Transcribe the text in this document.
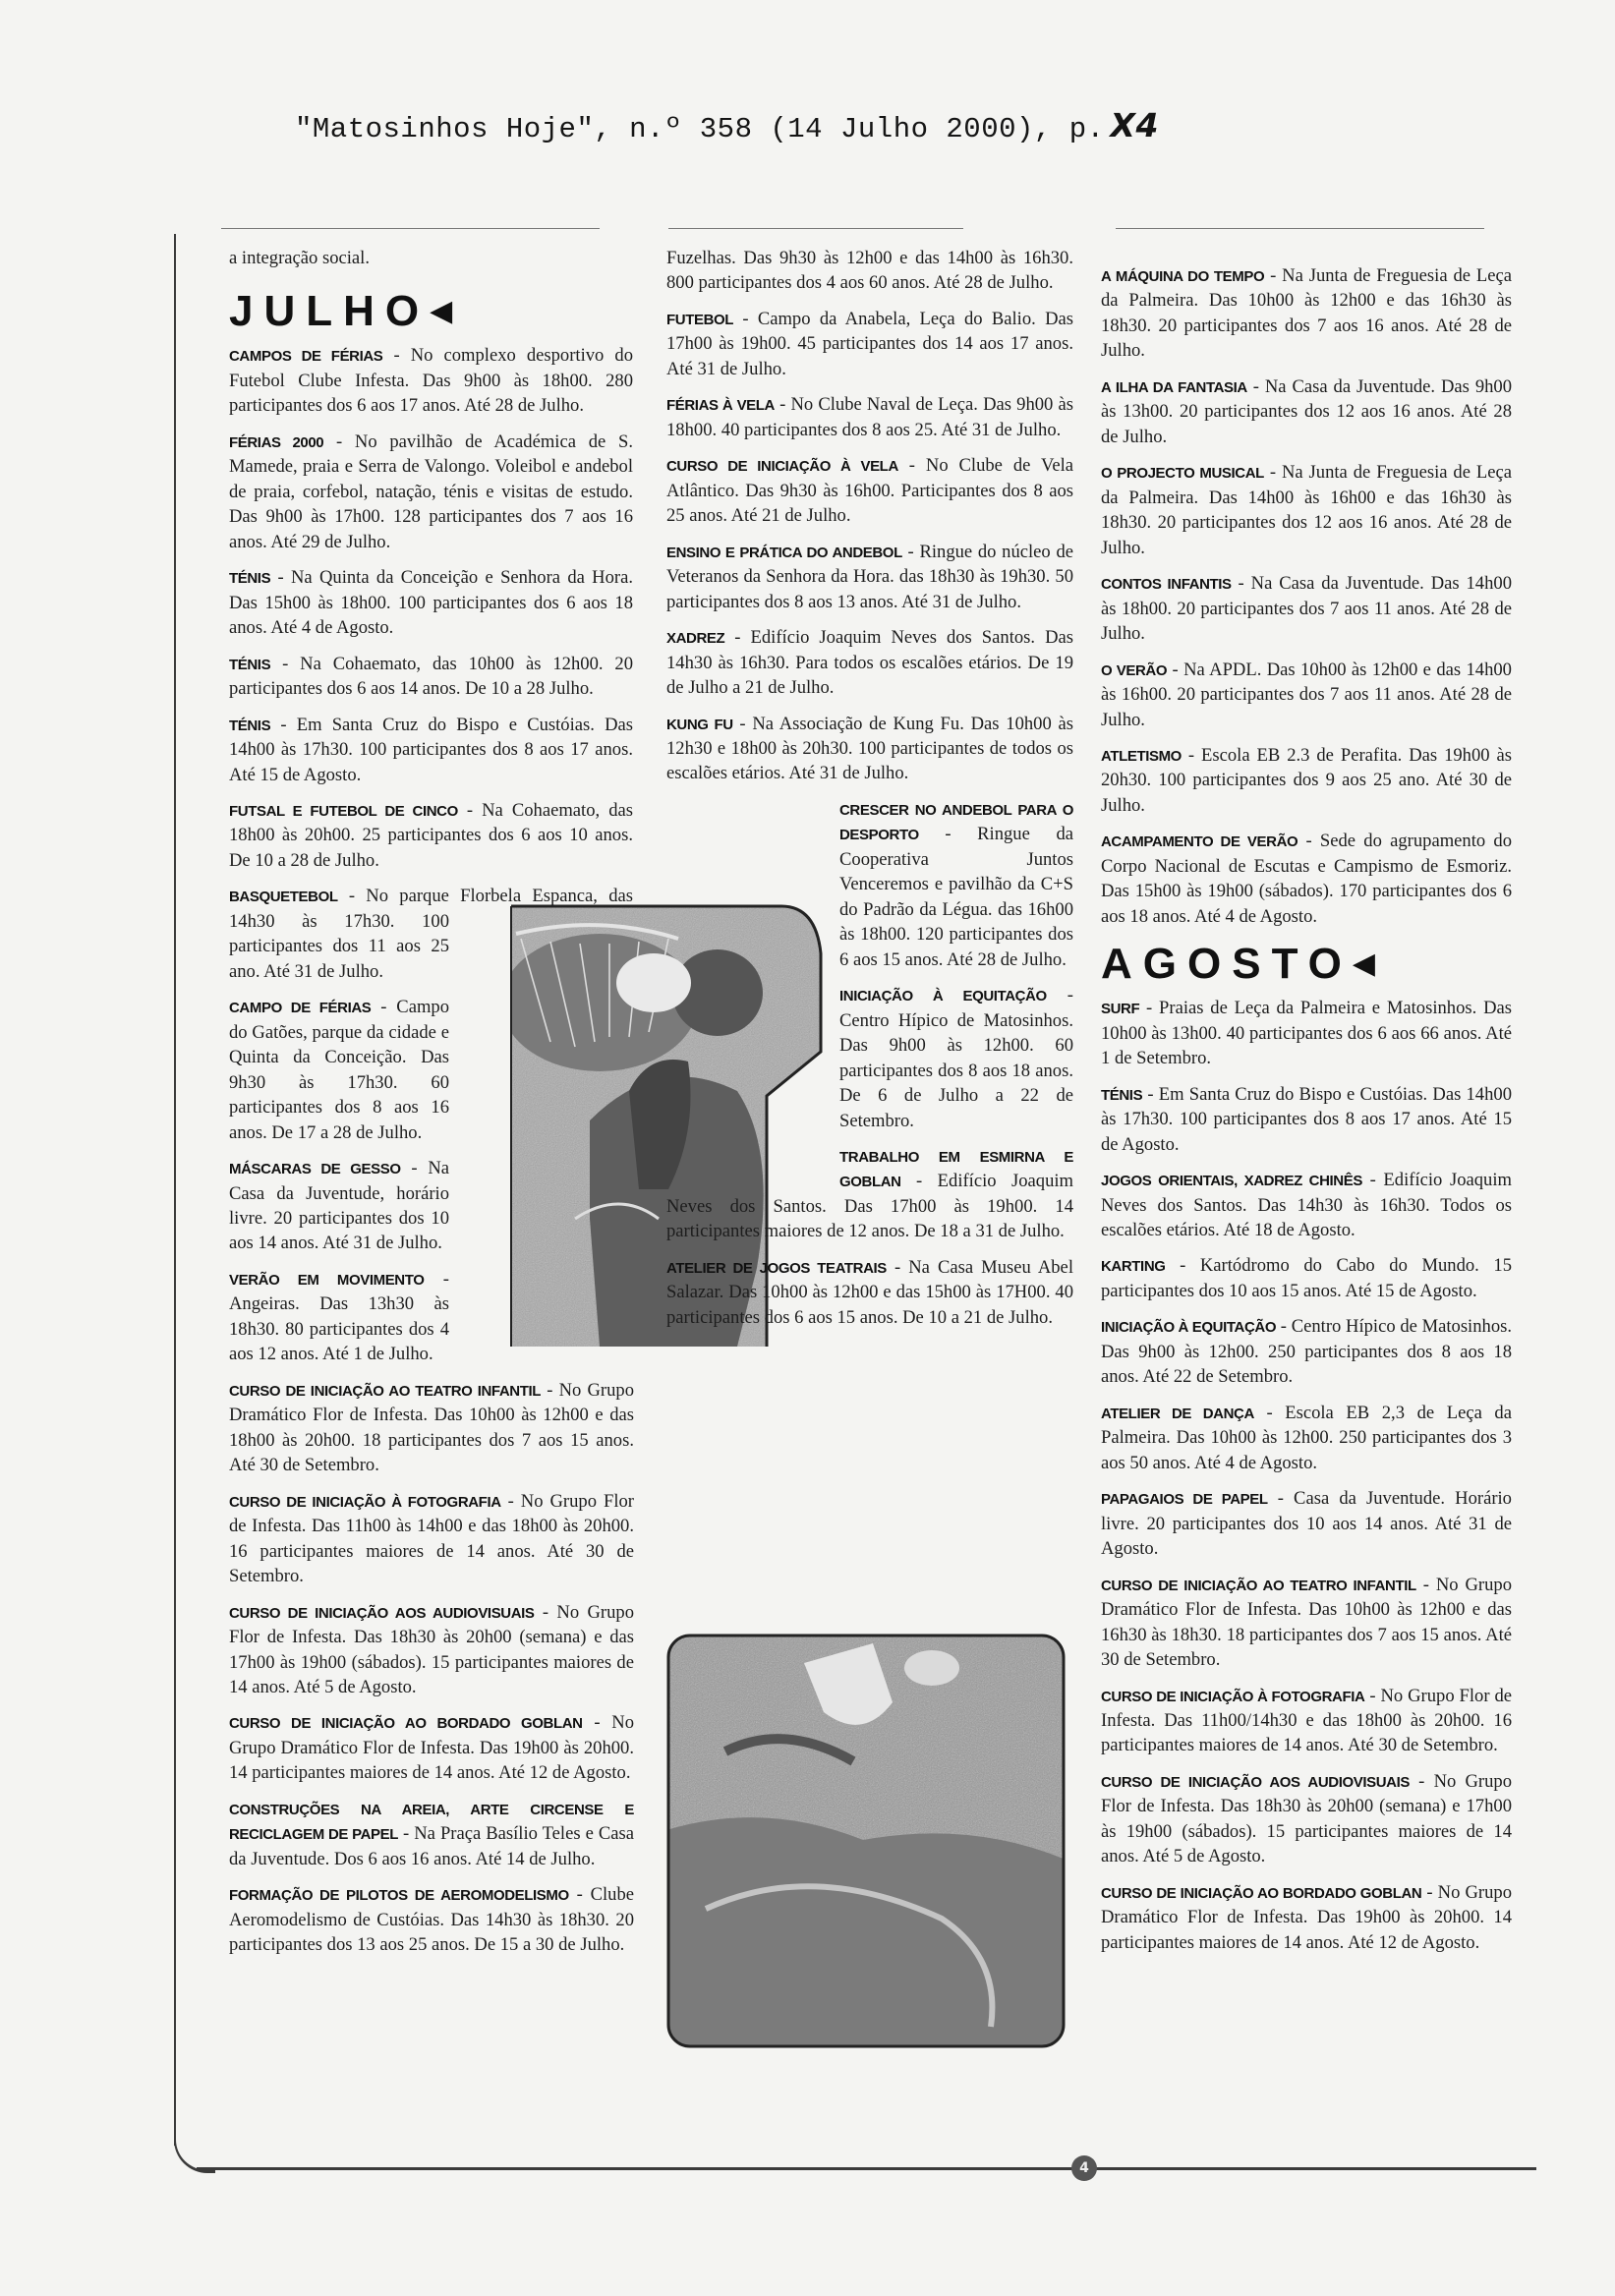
"Matosinhos Hoje", n.º 358 (14 Julho 2000), p. X4
4

a integração social.

JULHO◀

CAMPOS DE FÉRIAS - No complexo desportivo do Futebol Clube Infesta. Das 9h00 às 18h00. 280 participantes dos 6 aos 17 anos. Até 28 de Julho.

FÉRIAS 2000 - No pavilhão de Académica de S. Mamede, praia e Serra de Valongo. Voleibol e andebol de praia, corfebol, natação, ténis e visitas de estudo. Das 9h00 às 17h00. 128 participantes dos 7 aos 16 anos. Até 29 de Julho.

TÉNIS - Na Quinta da Conceição e Senhora da Hora. Das 15h00 às 18h00. 100 participantes dos 6 aos 18 anos. Até 4 de Agosto.

TÉNIS - Na Cohaemato, das 10h00 às 12h00. 20 participantes dos 6 aos 14 anos. De 10 a 28 Julho.

TÉNIS - Em Santa Cruz do Bispo e Custóias. Das 14h00 às 17h30. 100 participantes dos 8 aos 17 anos. Até 15 de Agosto.

FUTSAL E FUTEBOL DE CINCO - Na Cohaemato, das 18h00 às 20h00. 25 participantes dos 6 aos 10 anos. De 10 a 28 de Julho.

BASQUETEBOL - No parque Florbela Espanca, das 14h30 às 17h30. 100 participantes dos 11 aos 25 ano. Até 31 de Julho.

CAMPO DE FÉRIAS - Campo do Gatões, parque da cidade e Quinta da Conceição. Das 9h30 às 17h30. 60 participantes dos 8 aos 16 anos. De 17 a 28 de Julho.

MÁSCARAS DE GESSO - Na Casa da Juventude, horário livre. 20 participantes dos 10 aos 14 anos. Até 31 de Julho.

VERÃO EM MOVIMENTO - Angeiras. Das 13h30 às 18h30. 80 participantes dos 4 aos 12 anos. Até 1 de Julho.

CURSO DE INICIAÇÃO AO TEATRO INFANTIL - No Grupo Dramático Flor de Infesta. Das 10h00 às 12h00 e das 18h00 às 20h00. 18 participantes dos 7 aos 15 anos. Até 30 de Setembro.

CURSO DE INICIAÇÃO À FOTOGRAFIA - No Grupo Flor de Infesta. Das 11h00 às 14h00 e das 18h00 às 20h00. 16 participantes maiores de 14 anos. Até 30 de Setembro.

CURSO DE INICIAÇÃO AOS AUDIOVISUAIS - No Grupo Flor de Infesta. Das 18h30 às 20h00 (semana) e das 17h00 às 19h00 (sábados). 15 participantes maiores de 14 anos. Até 5 de Agosto.

CURSO DE INICIAÇÃO AO BORDADO GOBLAN - No Grupo Dramático Flor de Infesta. Das 19h00 às 20h00. 14 participantes maiores de 14 anos. Até 12 de Agosto.

CONSTRUÇÕES NA AREIA, ARTE CIRCENSE E RECICLAGEM DE PAPEL - Na Praça Basílio Teles e Casa da Juventude. Dos 6 aos 16 anos. Até 14 de Julho.

FORMAÇÃO DE PILOTOS DE AEROMODELISMO - Clube Aeromodelismo de Custóias. Das 14h30 às 18h30. 20 participantes dos 13 aos 25 anos. De 15 a 30 de Julho.

Fuzelhas. Das 9h30 às 12h00 e das 14h00 às 16h30. 800 participantes dos 4 aos 60 anos. Até 28 de Julho.

FUTEBOL - Campo da Anabela, Leça do Balio. Das 17h00 às 19h00. 45 participantes dos 14 aos 17 anos. Até 31 de Julho.

FÉRIAS À VELA - No Clube Naval de Leça. Das 9h00 às 18h00. 40 participantes dos 8 aos 25. Até 31 de Julho.

CURSO DE INICIAÇÃO À VELA - No Clube de Vela Atlântico. Das 9h30 às 16h00. Participantes dos 8 aos 25 anos. Até 21 de Julho.

ENSINO E PRÁTICA DO ANDEBOL - Ringue do núcleo de Veteranos da Senhora da Hora. das 18h30 às 19h30. 50 participantes dos 8 aos 13 anos. Até 31 de Julho.

XADREZ - Edifício Joaquim Neves dos Santos. Das 14h30 às 16h30. Para todos os escalões etários. De 19 de Julho a 21 de Julho.

KUNG FU - Na Associação de Kung Fu. Das 10h00 às 12h30 e 18h00 às 20h30. 100 participantes de todos os escalões etários. Até 31 de Julho.

CRESCER NO ANDEBOL PARA O DESPORTO - Ringue da Cooperativa Juntos Venceremos e pavilhão da C+S do Padrão da Légua. das 16h00 às 18h00. 120 participantes dos 6 aos 15 anos. Até 28 de Julho.

INICIAÇÃO À EQUITAÇÃO - Centro Hípico de Matosinhos. Das 9h00 às 12h00. 60 participantes dos 8 aos 18 anos. De 6 de Julho a 22 de Setembro.

TRABALHO EM ESMIRNA E GOBLAN - Edifício Joaquim Neves dos Santos. Das 17h00 às 19h00. 14 participantes maiores de 12 anos. De 18 a 31 de Julho.

ATELIER DE JOGOS TEATRAIS - Na Casa Museu Abel Salazar. Das 10h00 às 12h00 e das 15h00 às 17H00. 40 participantes dos 6 aos 15 anos. De 10 a 21 de Julho.

A MÁQUINA DO TEMPO - Na Junta de Freguesia de Leça da Palmeira. Das 10h00 às 12h00 e das 16h30 às 18h30. 20 participantes dos 7 aos 16 anos. Até 28 de Julho.

A ILHA DA FANTASIA - Na Casa da Juventude. Das 9h00 às 13h00. 20 participantes dos 12 aos 16 anos. Até 28 de Julho.

O PROJECTO MUSICAL - Na Junta de Freguesia de Leça da Palmeira. Das 14h00 às 16h00 e das 16h30 às 18h30. 20 participantes dos 12 aos 16 anos. Até 28 de Julho.

CONTOS INFANTIS - Na Casa da Juventude. Das 14h00 às 18h00. 20 participantes dos 7 aos 11 anos. Até 28 de Julho.

O VERÃO - Na APDL. Das 10h00 às 12h00 e das 14h00 às 16h00. 20 participantes dos 7 aos 11 anos. Até 28 de Julho.

ATLETISMO - Escola EB 2.3 de Perafita. Das 19h00 às 20h30. 100 participantes dos 9 aos 25 ano. Até 30 de Julho.

ACAMPAMENTO DE VERÃO - Sede do agrupamento do Corpo Nacional de Escutas e Campismo de Esmoriz. Das 15h00 às 19h00 (sábados). 170 participantes dos 6 aos 18 anos. Até 4 de Agosto.

AGOSTO◀

SURF - Praias de Leça da Palmeira e Matosinhos. Das 10h00 às 13h00. 40 participantes dos 6 aos 66 anos. Até 1 de Setembro.

TÉNIS - Em Santa Cruz do Bispo e Custóias. Das 14h00 às 17h30. 100 participantes dos 8 aos 17 anos. Até 15 de Agosto.

JOGOS ORIENTAIS, XADREZ CHINÊS - Edifício Joaquim Neves dos Santos. Das 14h30 às 16h30. Todos os escalões etários. Até 18 de Agosto.

KARTING - Kartódromo do Cabo do Mundo. 15 participantes dos 10 aos 15 anos. Até 15 de Agosto.

INICIAÇÃO À EQUITAÇÃO - Centro Hípico de Matosinhos. Das 9h00 às 12h00. 250 participantes dos 8 aos 18 anos. Até 22 de Setembro.

ATELIER DE DANÇA - Escola EB 2,3 de Leça da Palmeira. Das 10h00 às 12h00. 250 participantes dos 3 aos 50 anos. Até 4 de Agosto.

PAPAGAIOS DE PAPEL - Casa da Juventude. Horário livre. 20 participantes dos 10 aos 14 anos. Até 31 de Agosto.

CURSO DE INICIAÇÃO AO TEATRO INFANTIL - No Grupo Dramático Flor de Infesta. Das 10h00 às 12h00 e das 16h30 às 18h30. 18 participantes dos 7 aos 15 anos. Até 30 de Setembro.

CURSO DE INICIAÇÃO À FOTOGRAFIA - No Grupo Flor de Infesta. Das 11h00/14h30 e das 18h00 às 20h00. 16 participantes maiores de 14 anos. Até 30 de Setembro.

CURSO DE INICIAÇÃO AOS AUDIOVISUAIS - No Grupo Flor de Infesta. Das 18h30 às 20h00 (semana) e 17h00 às 19h00 (sábados). 15 participantes maiores de 14 anos. Até 5 de Agosto.

CURSO DE INICIAÇÃO AO BORDADO GOBLAN - No Grupo Dramático Flor de Infesta. Das 19h00 às 20h00. 14 participantes maiores de 14 anos. Até 12 de Agosto.
